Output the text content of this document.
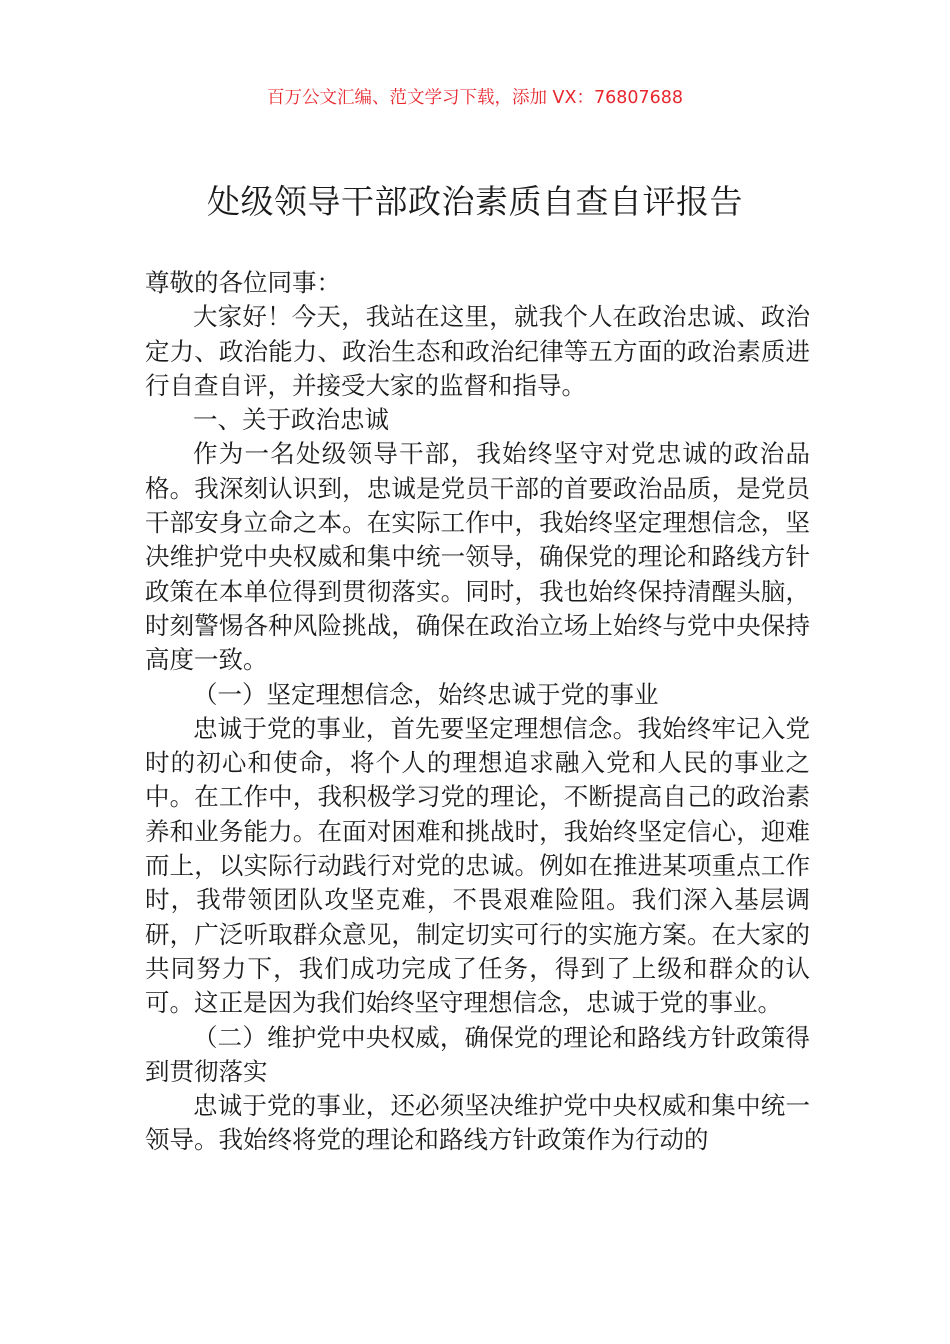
百万公文汇编、范文学习下载，添加 VX：76807688
处级领导干部政治素质自查自评报告

尊敬的各位同事：

大家好！今天，我站在这里，就我个人在政治忠诚、政治定力、政治能力、政治生态和政治纪律等五方面的政治素质进行自查自评，并接受大家的监督和指导。

一、关于政治忠诚

作为一名处级领导干部，我始终坚守对党忠诚的政治品格。我深刻认识到，忠诚是党员干部的首要政治品质，是党员干部安身立命之本。在实际工作中，我始终坚定理想信念，坚决维护党中央权威和集中统一领导，确保党的理论和路线方针政策在本单位得到贯彻落实。同时，我也始终保持清醒头脑，时刻警惕各种风险挑战，确保在政治立场上始终与党中央保持高度一致。

（一）坚定理想信念，始终忠诚于党的事业

忠诚于党的事业，首先要坚定理想信念。我始终牢记入党时的初心和使命，将个人的理想追求融入党和人民的事业之中。在工作中，我积极学习党的理论，不断提高自己的政治素养和业务能力。在面对困难和挑战时，我始终坚定信心，迎难而上，以实际行动践行对党的忠诚。例如在推进某项重点工作时，我带领团队攻坚克难，不畏艰难险阻。我们深入基层调研，广泛听取群众意见，制定切实可行的实施方案。在大家的共同努力下，我们成功完成了任务，得到了上级和群众的认可。这正是因为我们始终坚守理想信念，忠诚于党的事业。

（二）维护党中央权威，确保党的理论和路线方针政策得到贯彻落实

忠诚于党的事业，还必须坚决维护党中央权威和集中统一领导。我始终将党的理论和路线方针政策作为行动的
